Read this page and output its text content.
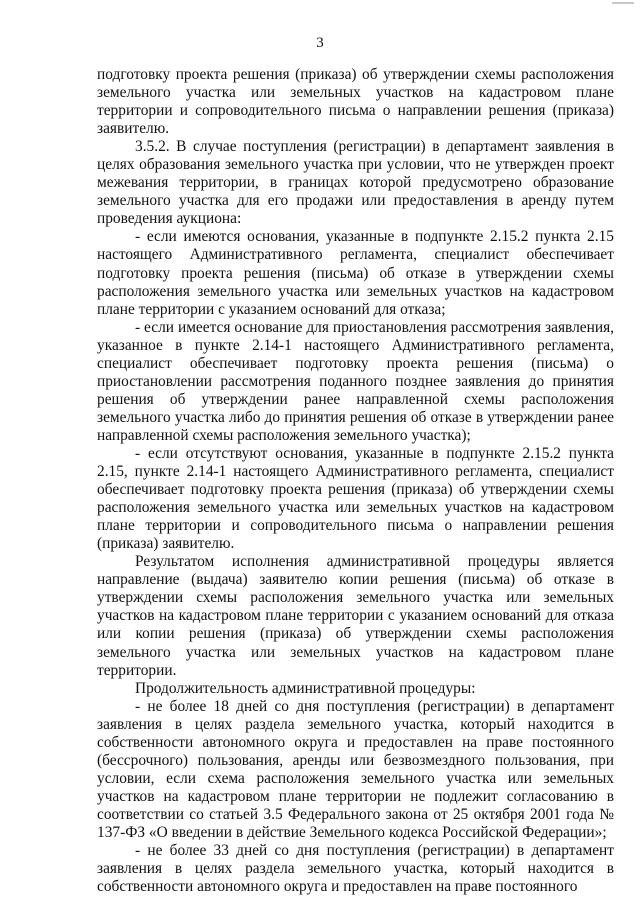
3

подготовку проекта решения (приказа) об утверждении схемы расположения земельного участка или земельных участков на кадастровом плане территории и сопроводительного письма о направлении решения (приказа) заявителю.

3.5.2. В случае поступления (регистрации) в департамент заявления в целях образования земельного участка при условии, что не утвержден проект межевания территории, в границах которой предусмотрено образование земельного участка для его продажи или предоставления в аренду путем проведения аукциона:

- если имеются основания, указанные в подпункте 2.15.2 пункта 2.15 настоящего Административного регламента, специалист обеспечивает подготовку проекта решения (письма) об отказе в утверждении схемы расположения земельного участка или земельных участков на кадастровом плане территории с указанием оснований для отказа;

- если имеется основание для приостановления рассмотрения заявления, указанное в пункте 2.14-1 настоящего Административного регламента, специалист обеспечивает подготовку проекта решения (письма) о приостановлении рассмотрения поданного позднее заявления до принятия решения об утверждении ранее направленной схемы расположения земельного участка либо до принятия решения об отказе в утверждении ранее направленной схемы расположения земельного участка);

- если отсутствуют основания, указанные в подпункте 2.15.2 пункта 2.15, пункте 2.14-1 настоящего Административного регламента, специалист обеспечивает подготовку проекта решения (приказа) об утверждении схемы расположения земельного участка или земельных участков на кадастровом плане территории и сопроводительного письма о направлении решения (приказа) заявителю.

Результатом исполнения административной процедуры является направление (выдача) заявителю копии решения (письма) об отказе в утверждении схемы расположения земельного участка или земельных участков на кадастровом плане территории с указанием оснований для отказа или копии решения (приказа) об утверждении схемы расположения земельного участка или земельных участков на кадастровом плане территории.

Продолжительность административной процедуры:

- не более 18 дней со дня поступления (регистрации) в департамент заявления в целях раздела земельного участка, который находится в собственности автономного округа и предоставлен на праве постоянного (бессрочного) пользования, аренды или безвозмездного пользования, при условии, если схема расположения земельного участка или земельных участков на кадастровом плане территории не подлежит согласованию в соответствии со статьей 3.5 Федерального закона от 25 октября 2001 года № 137-ФЗ «О введении в действие Земельного кодекса Российской Федерации»;

- не более 33 дней со дня поступления (регистрации) в департамент заявления в целях раздела земельного участка, который находится в собственности автономного округа и предоставлен на праве постоянного
